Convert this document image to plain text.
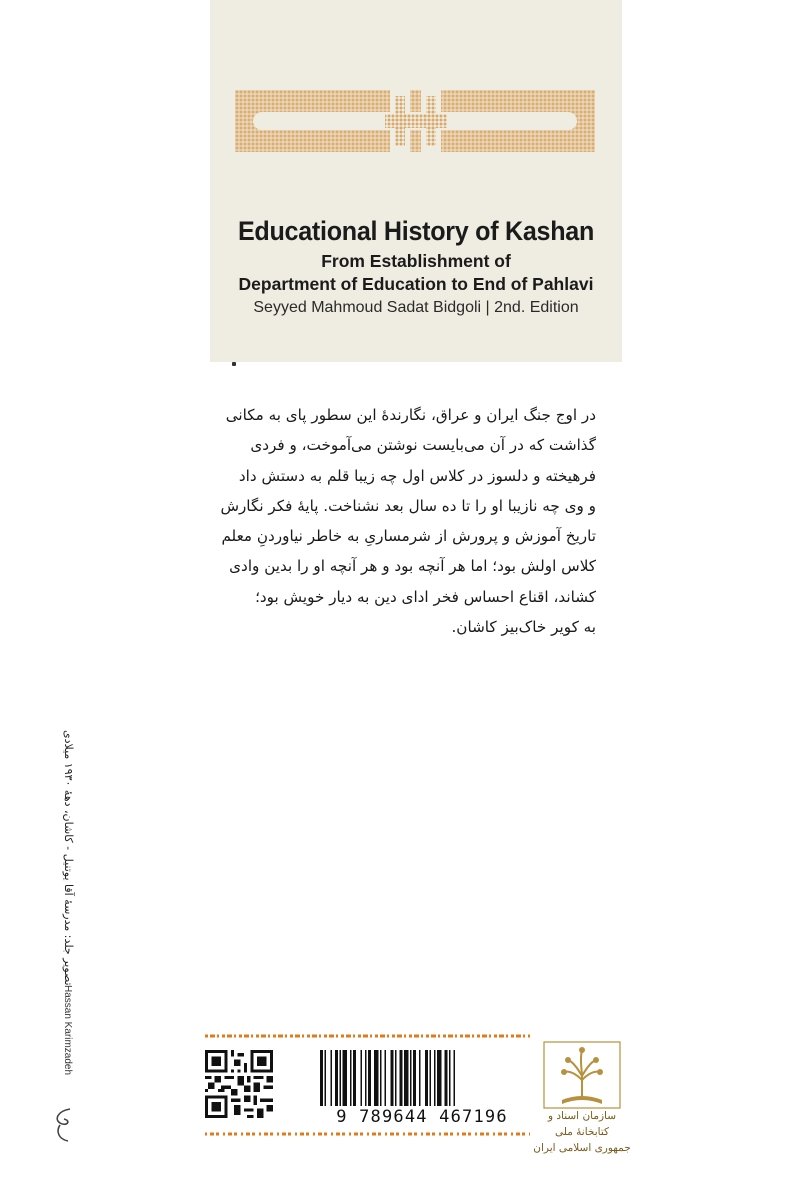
Educational History of Kashan

From Establishment of

Department of Education to End of Pahlavi

Seyyed Mahmoud Sadat Bidgoli | 2nd. Edition

در اوج جنگ ایران و عراق، نگارندهٔ این سطور پای به مکانی
گذاشت که در آن می‌بایست نوشتن می‌آموخت، و فردی
فرهیخته و دلسوز در کلاس اول چه زیبا قلم به دستش داد
و وی چه نازیبا او را تا ده سال بعد نشناخت. پایهٔ فکر نگارش
تاریخ آموزش و پرورش از شرمساریِ به خاطر نیاوردنِ معلم
کلاس اولش بود؛ اما هر آنچه بود و هر آنچه او را بدین وادی
کشاند، اقناع احساس فخر ادای دین به دیار خویش بود؛
به کویر خاک‌بیز کاشان.
تصویر جلد: مدرسهٔ آقا یوتنیل - کاشان، دههٔ ۱۹۳۰ میلادی
Hassan Karimzadeh
9 789644 467196	سازمان اسناد و کتابخانهٔ ملی
جمهوری اسلامی ایران
